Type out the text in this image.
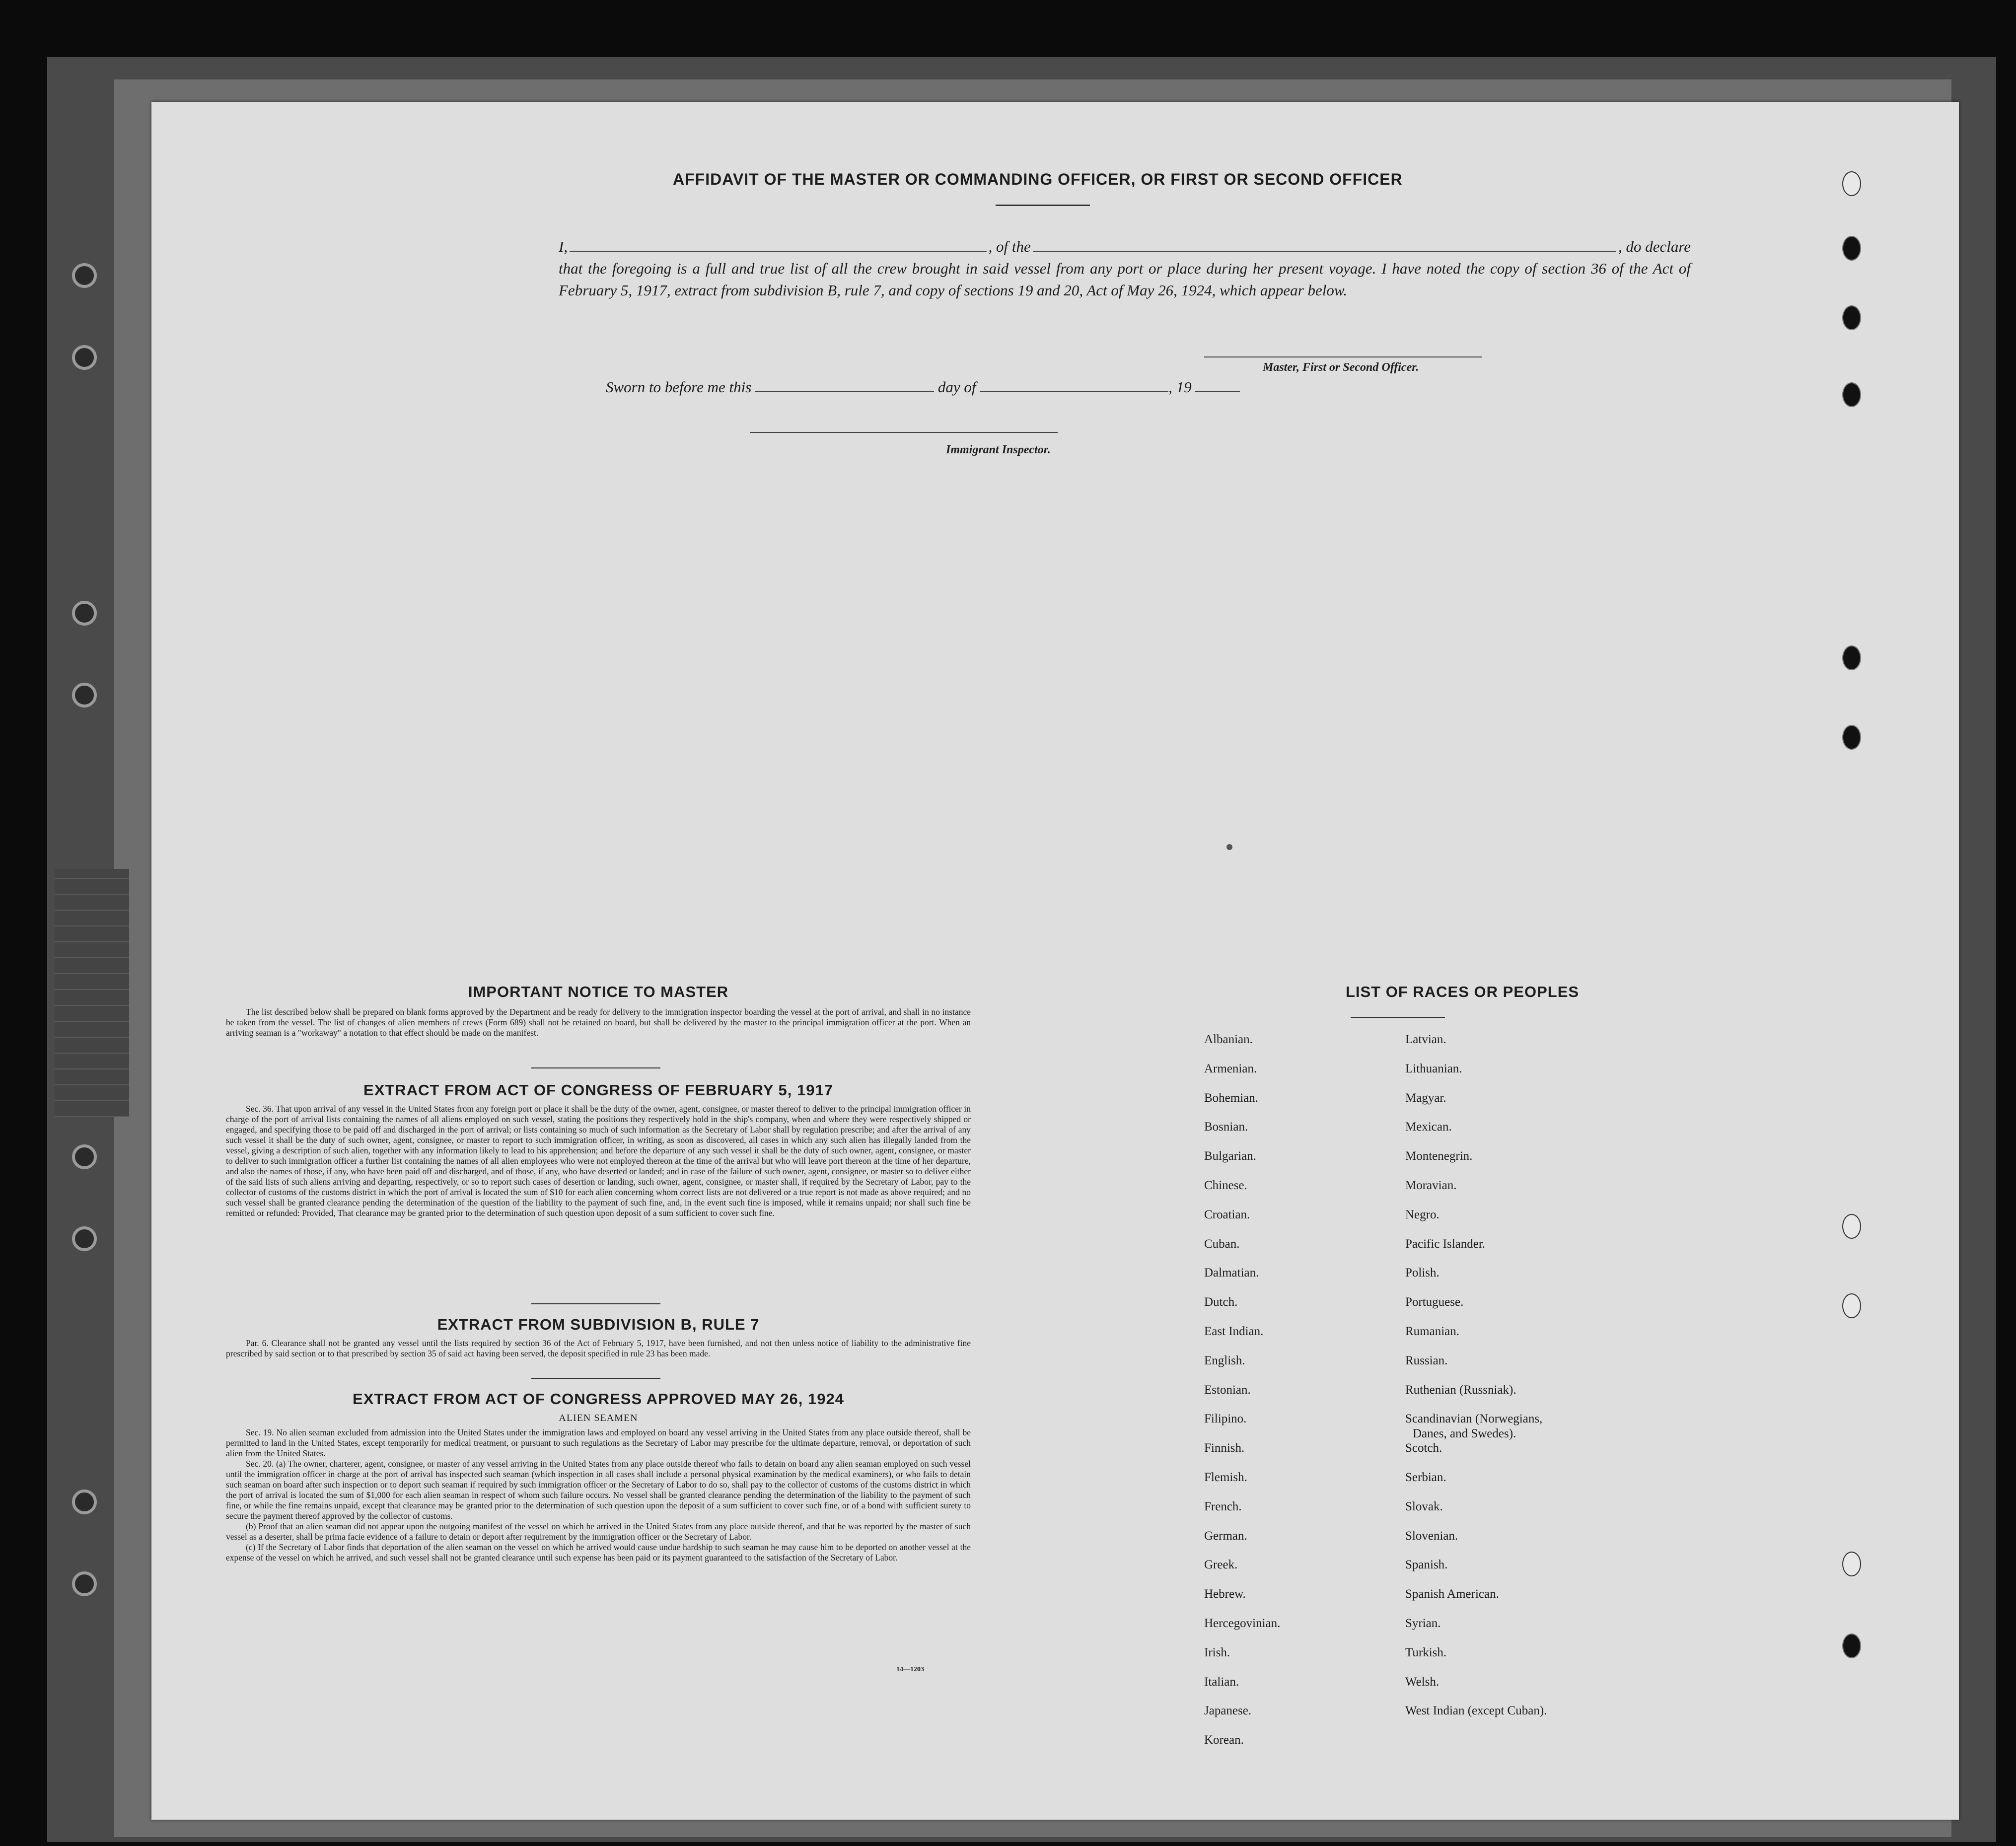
AFFIDAVIT OF THE MASTER OR COMMANDING OFFICER, OR FIRST OR SECOND OFFICER
I,	, of the	, do declare
that the foregoing is a full and true list of all the crew brought in said vessel from any port or place during her present voyage. I have noted the copy of section 36 of the Act of February 5, 1917, extract from subdivision B, rule 7, and copy of sections 19 and 20, Act of May 26, 1924, which appear below.
Master, First or Second Officer.
Sworn to before me this	day of	, 19
Immigrant Inspector.
IMPORTANT NOTICE TO MASTER

The list described below shall be prepared on blank forms approved by the Department and be ready for delivery to the immigration inspector boarding the vessel at the port of arrival, and shall in no instance be taken from the vessel. The list of changes of alien members of crews (Form 689) shall not be retained on board, but shall be delivered by the master to the principal immigration officer at the port. When an arriving seaman is a "workaway" a notation to that effect should be made on the manifest.

EXTRACT FROM ACT OF CONGRESS OF FEBRUARY 5, 1917

Sec. 36. That upon arrival of any vessel in the United States from any foreign port or place it shall be the duty of the owner, agent, consignee, or master thereof to deliver to the principal immigration officer in charge of the port of arrival lists containing the names of all aliens employed on such vessel, stating the positions they respectively hold in the ship's company, when and where they were respectively shipped or engaged, and specifying those to be paid off and discharged in the port of arrival; or lists containing so much of such information as the Secretary of Labor shall by regulation prescribe; and after the arrival of any such vessel it shall be the duty of such owner, agent, consignee, or master to report to such immigration officer, in writing, as soon as discovered, all cases in which any such alien has illegally landed from the vessel, giving a description of such alien, together with any information likely to lead to his apprehension; and before the departure of any such vessel it shall be the duty of such owner, agent, consignee, or master to deliver to such immigration officer a further list containing the names of all alien employees who were not employed thereon at the time of the arrival but who will leave port thereon at the time of her departure, and also the names of those, if any, who have been paid off and discharged, and of those, if any, who have deserted or landed; and in case of the failure of such owner, agent, consignee, or master so to deliver either of the said lists of such aliens arriving and departing, respectively, or so to report such cases of desertion or landing, such owner, agent, consignee, or master shall, if required by the Secretary of Labor, pay to the collector of customs of the customs district in which the port of arrival is located the sum of $10 for each alien concerning whom correct lists are not delivered or a true report is not made as above required; and no such vessel shall be granted clearance pending the determination of the question of the liability to the payment of such fine, and, in the event such fine is imposed, while it remains unpaid; nor shall such fine be remitted or refunded: Provided, That clearance may be granted prior to the determination of such question upon deposit of a sum sufficient to cover such fine.

EXTRACT FROM SUBDIVISION B, RULE 7

Par. 6. Clearance shall not be granted any vessel until the lists required by section 36 of the Act of February 5, 1917, have been furnished, and not then unless notice of liability to the administrative fine prescribed by said section or to that prescribed by section 35 of said act having been served, the deposit specified in rule 23 has been made.

EXTRACT FROM ACT OF CONGRESS APPROVED MAY 26, 1924
ALIEN SEAMEN

Sec. 19. No alien seaman excluded from admission into the United States under the immigration laws and employed on board any vessel arriving in the United States from any place outside thereof, shall be permitted to land in the United States, except temporarily for medical treatment, or pursuant to such regulations as the Secretary of Labor may prescribe for the ultimate departure, removal, or deportation of such alien from the United States.

Sec. 20. (a) The owner, charterer, agent, consignee, or master of any vessel arriving in the United States from any place outside thereof who fails to detain on board any alien seaman employed on such vessel until the immigration officer in charge at the port of arrival has inspected such seaman (which inspection in all cases shall include a personal physical examination by the medical examiners), or who fails to detain such seaman on board after such inspection or to deport such seaman if required by such immigration officer or the Secretary of Labor to do so, shall pay to the collector of customs of the customs district in which the port of arrival is located the sum of $1,000 for each alien seaman in respect of whom such failure occurs. No vessel shall be granted clearance pending the determination of the liability to the payment of such fine, or while the fine remains unpaid, except that clearance may be granted prior to the determination of such question upon the deposit of a sum sufficient to cover such fine, or of a bond with sufficient surety to secure the payment thereof approved by the collector of customs.

(b) Proof that an alien seaman did not appear upon the outgoing manifest of the vessel on which he arrived in the United States from any place outside thereof, and that he was reported by the master of such vessel as a deserter, shall be prima facie evidence of a failure to detain or deport after requirement by the immigration officer or the Secretary of Labor.

(c) If the Secretary of Labor finds that deportation of the alien seaman on the vessel on which he arrived would cause undue hardship to such seaman he may cause him to be deported on another vessel at the expense of the vessel on which he arrived, and such vessel shall not be granted clearance until such expense has been paid or its payment guaranteed to the satisfaction of the Secretary of Labor.

14—1203
LIST OF RACES OR PEOPLES
Albanian.
Armenian.
Bohemian.
Bosnian.
Bulgarian.
Chinese.
Croatian.
Cuban.
Dalmatian.
Dutch.
East Indian.
English.
Estonian.
Filipino.
Finnish.
Flemish.
French.
German.
Greek.
Hebrew.
Hercegovinian.
Irish.
Italian.
Japanese.
Korean.
Latvian.
Lithuanian.
Magyar.
Mexican.
Montenegrin.
Moravian.
Negro.
Pacific Islander.
Polish.
Portuguese.
Rumanian.
Russian.
Ruthenian (Russniak).
Scandinavian (Norwegians,
Danes, and Swedes).
Scotch.
Serbian.
Slovak.
Slovenian.
Spanish.
Spanish American.
Syrian.
Turkish.
Welsh.
West Indian (except Cuban).
